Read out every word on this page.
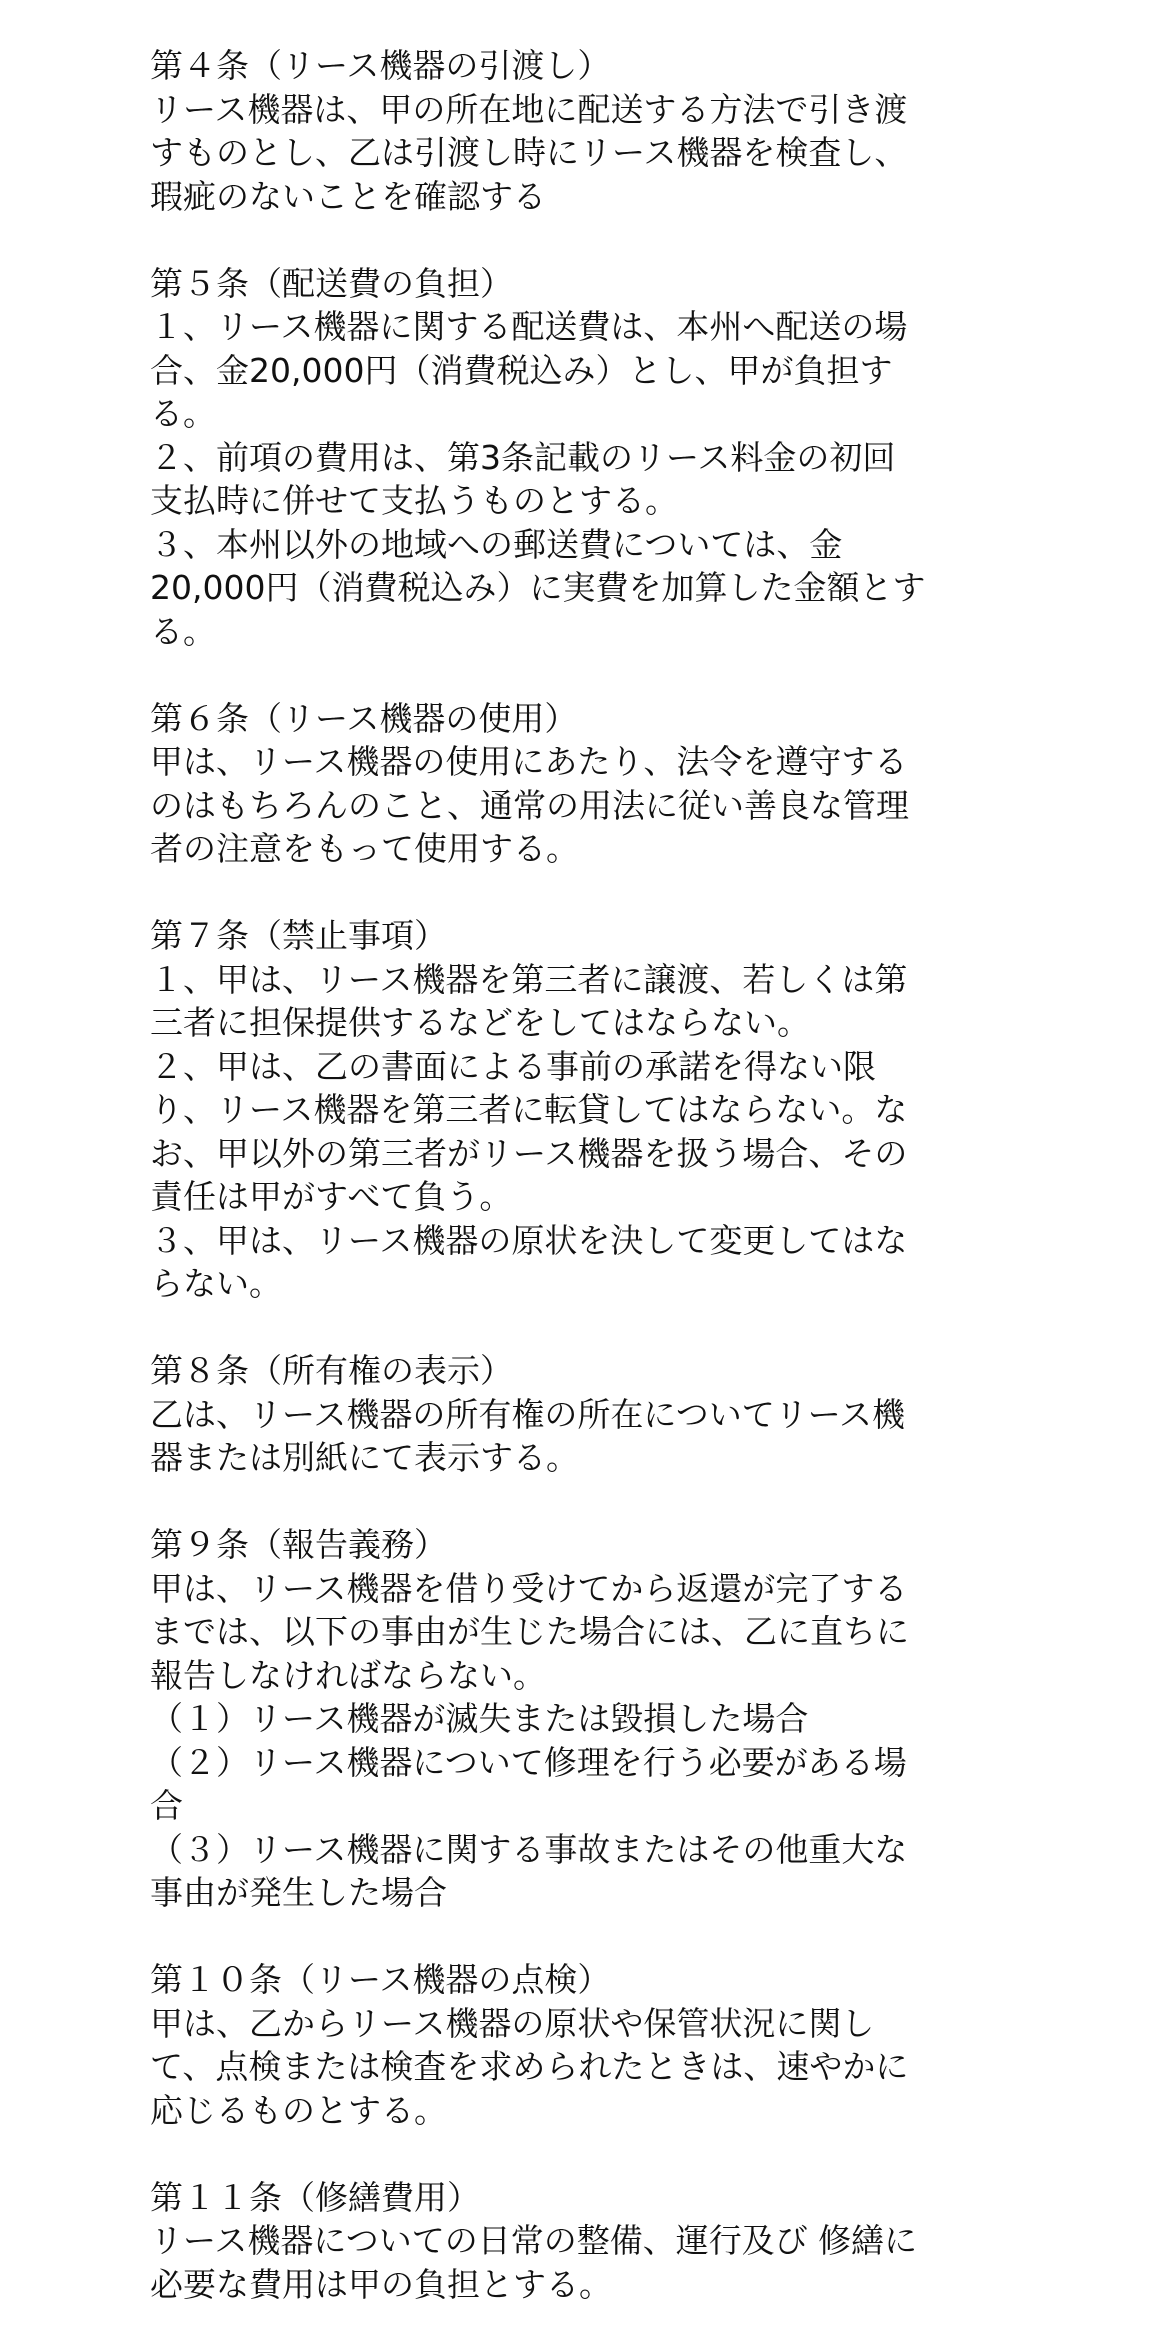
第４条（リース機器の引渡し）
リース機器は、甲の所在地に配送する方法で引き渡
すものとし、乙は引渡し時にリース機器を検査し、
瑕疵のないことを確認する
第５条（配送費の負担）
１、リース機器に関する配送費は、本州へ配送の場
合、金20,000円（消費税込み）とし、甲が負担す
る。
２、前項の費用は、第3条記載のリース料金の初回
支払時に併せて支払うものとする。
３、本州以外の地域への郵送費については、金
20,000円（消費税込み）に実費を加算した金額とす
る。
第６条（リース機器の使用）
甲は、リース機器の使用にあたり、法令を遵守する
のはもちろんのこと、通常の用法に従い善良な管理
者の注意をもって使用する。
第７条（禁止事項）
１、甲は、リース機器を第三者に譲渡、若しくは第
三者に担保提供するなどをしてはならない。
２、甲は、乙の書面による事前の承諾を得ない限
り、リース機器を第三者に転貸してはならない。な
お、甲以外の第三者がリース機器を扱う場合、その
責任は甲がすべて負う。
３、甲は、リース機器の原状を決して変更してはな
らない。
第８条（所有権の表示）
乙は、リース機器の所有権の所在についてリース機
器または別紙にて表示する。
第９条（報告義務）
甲は、リース機器を借り受けてから返還が完了する
までは、以下の事由が生じた場合には、乙に直ちに
報告しなければならない。
（１）リース機器が滅失または毀損した場合
（２）リース機器について修理を行う必要がある場
合
（３）リース機器に関する事故またはその他重大な
事由が発生した場合
第１０条（リース機器の点検）
甲は、乙からリース機器の原状や保管状況に関し
て、点検または検査を求められたときは、速やかに
応じるものとする。
第１１条（修繕費用）
リース機器についての日常の整備、運行及び 修繕に
必要な費用は甲の負担とする。
